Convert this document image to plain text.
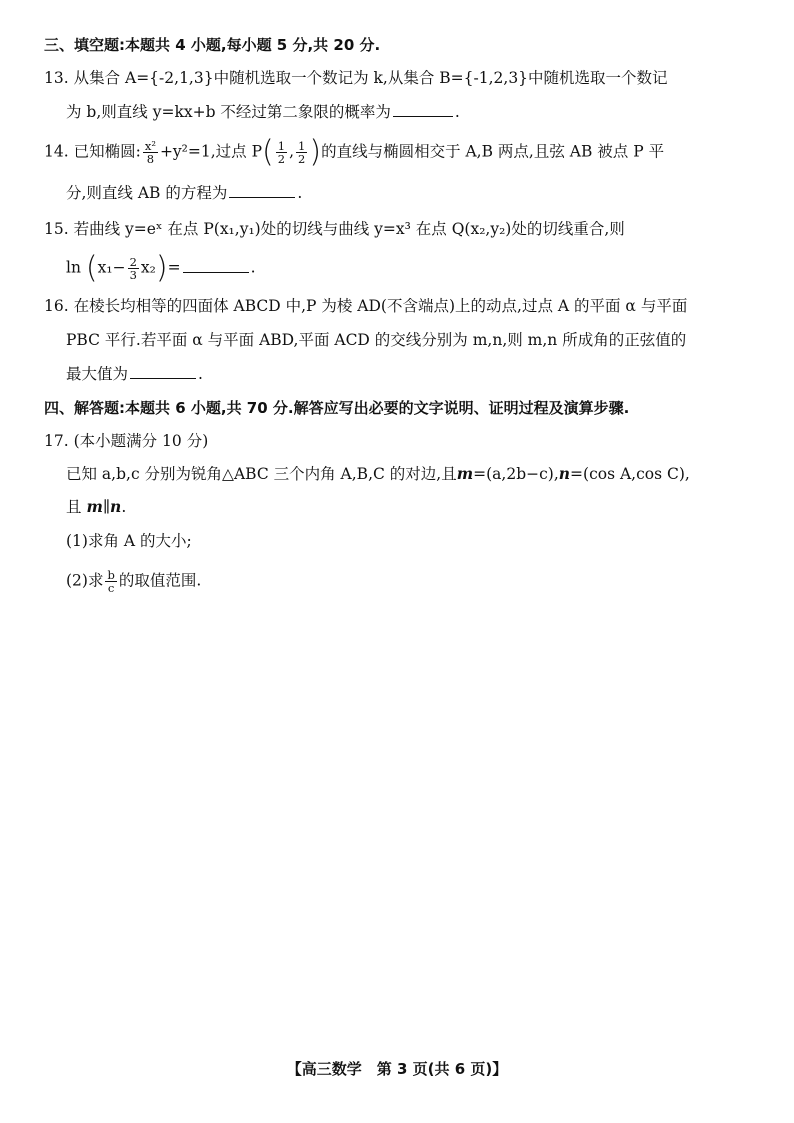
三、填空题:本题共 4 小题,每小题 5 分,共 20 分.
13. 从集合 A={-2,1,3}中随机选取一个数记为 k,从集合 B={-1,2,3}中随机选取一个数记
为 b,则直线 y=kx+b 不经过第二象限的概率为	.
14. 已知椭圆: $\frac{\text{x²}}{8} +y^2=1$,过点 $P( \frac{1}{2}$ , $\frac{1}{2}$ )的直线与椭圆相交于 A,B 两点,且弦 AB 被点 P 平
分,则直线 AB 的方程为	.
15. 若曲线 y=eˣ 在点 P(x₁,y₁)处的切线与曲线 y=x³ 在点 Q(x₂,y₂)处的切线重合,则
$\ln (x_1- \frac{2}{3} x_2)=$	.
16. 在棱长均相等的四面体 ABCD 中,P 为棱 AD(不含端点)上的动点,过点 A 的平面 α 与平面
PBC 平行.若平面 α 与平面 ABD,平面 ACD 的交线分别为 m,n,则 m,n 所成角的正弦值的
最大值为	.
四、解答题:本题共 6 小题,共 70 分.解答应写出必要的文字说明、证明过程及演算步骤.
17. (本小题满分 10 分)
已知 a,b,c 分别为锐角△ABC 三个内角 A,B,C 的对边,且m=(a,2b−c),n=(cos A,cos C),
且 m∥n.
(1)求角 A 的大小;
(2)求 $\frac{b}{c}$ 的取值范围.
【高三数学　第 3 页(共 6 页)】
